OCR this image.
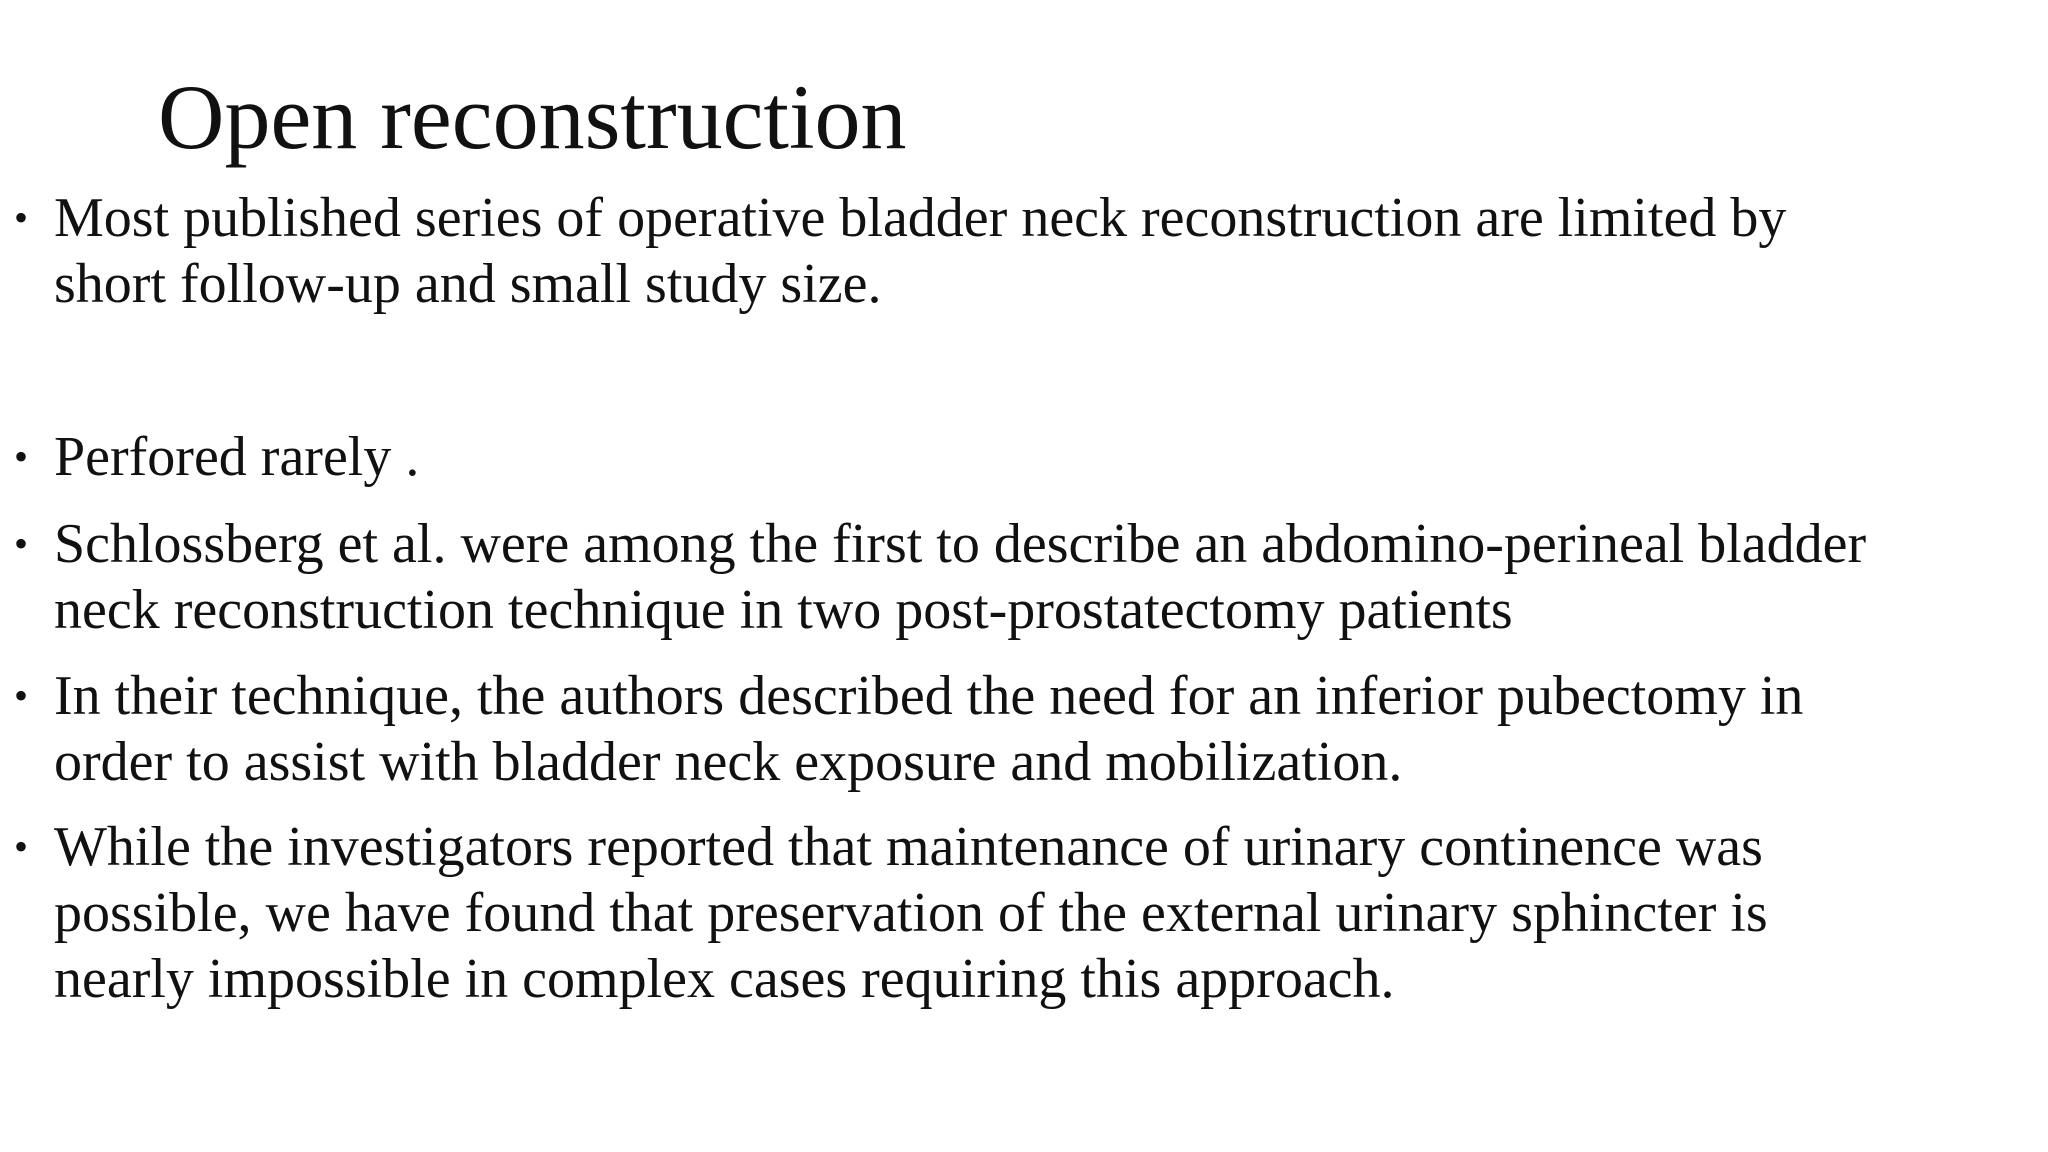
Open reconstruction
• Most published series of operative bladder neck reconstruction are limited by
short follow-up and small study size.
• Perfored rarely .
• Schlossberg et al. were among the first to describe an abdomino-perineal bladder
neck reconstruction technique in two post-prostatectomy patients
• In their technique, the authors described the need for an inferior pubectomy in
order to assist with bladder neck exposure and mobilization.
• While the investigators reported that maintenance of urinary continence was
possible, we have found that preservation of the external urinary sphincter is
nearly impossible in complex cases requiring this approach.
